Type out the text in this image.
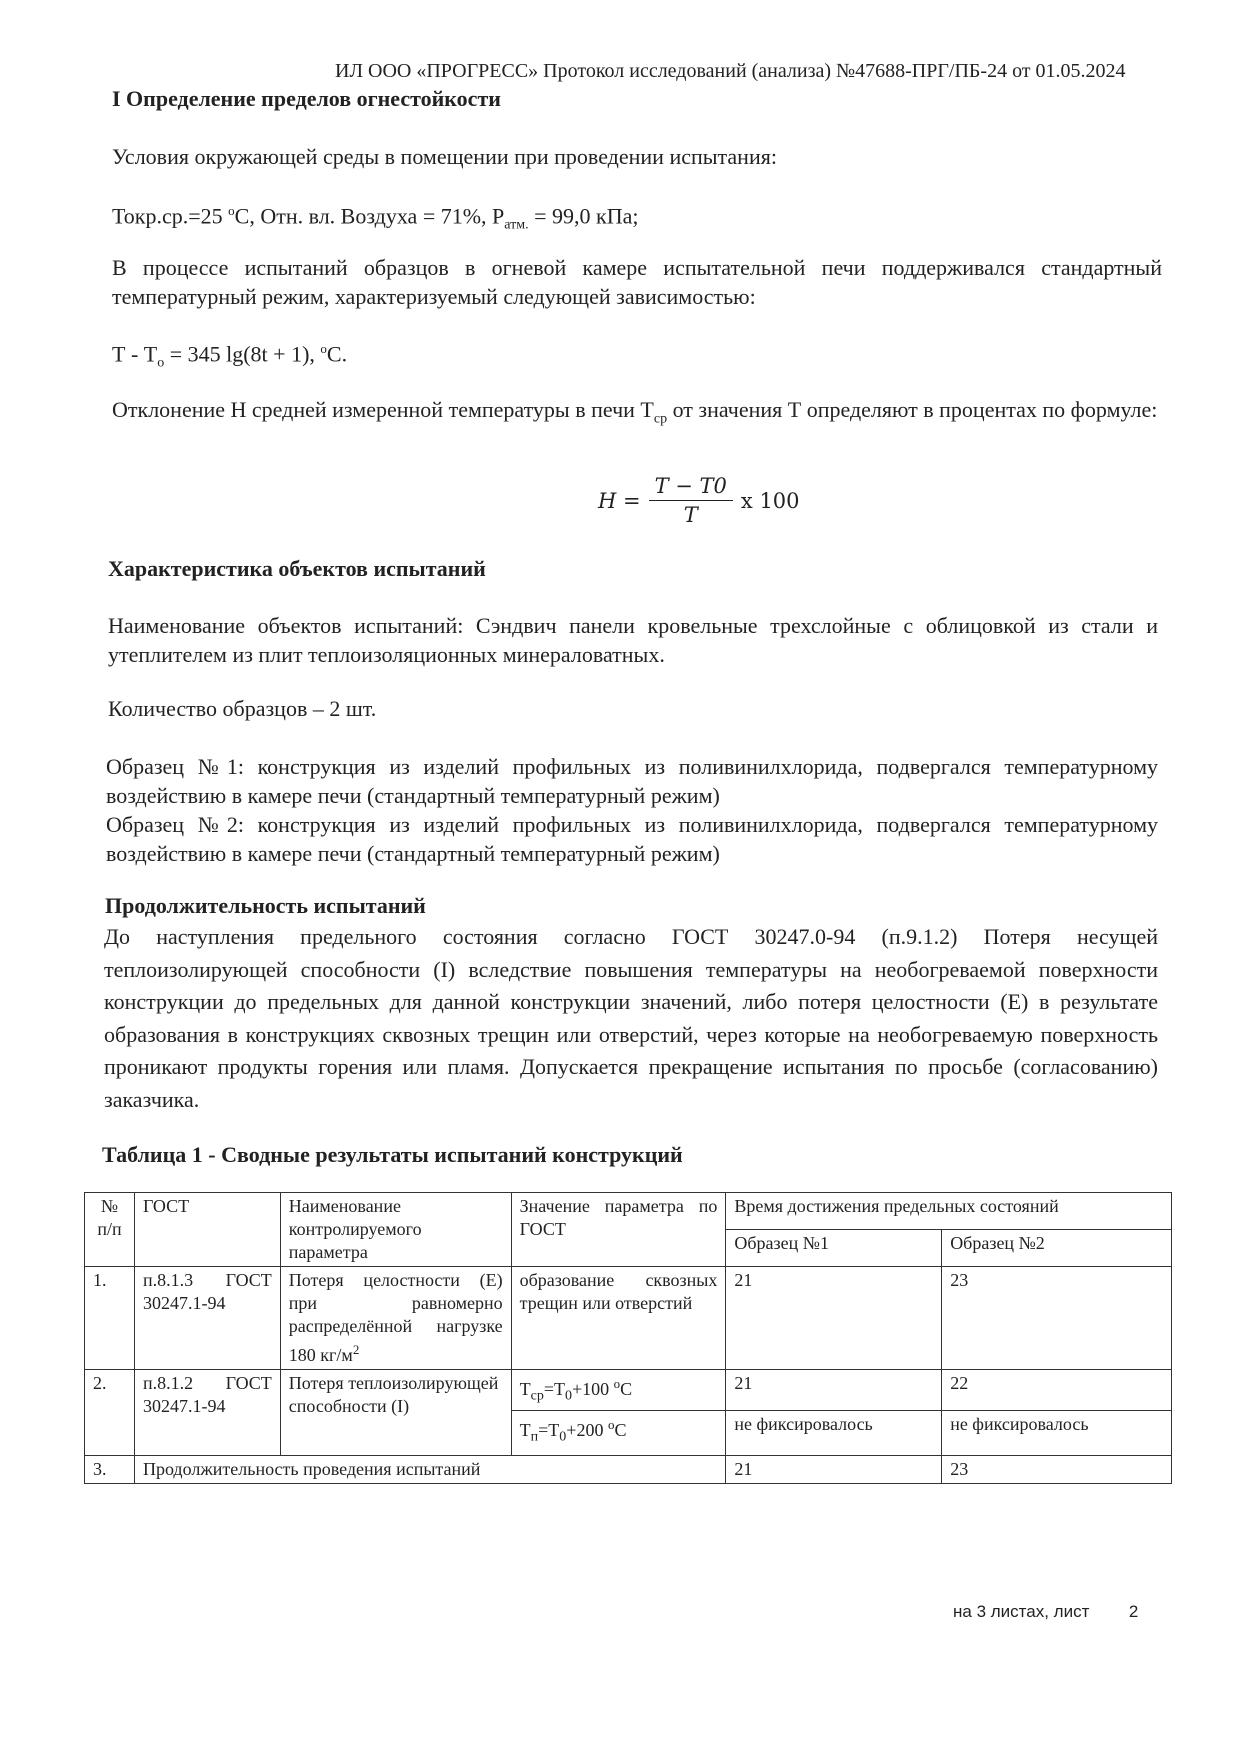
ИЛ ООО «ПРОГРЕСС» Протокол исследований (анализа) №47688-ПРГ/ПБ-24 от 01.05.2024
I Определение пределов огнестойкости
Условия окружающей среды в помещении при проведении испытания:
Токр.ср.=25 $^о$С, Отн. вл. Воздуха = 71%, $Р_{атм.} = 99,0$ кПа;
В процессе испытаний образцов в огневой камере испытательной печи поддерживался стандартный температурный режим, характеризуемый следующей зависимостью:
$Т - Т_о = 345$ lg(8t + 1), $^о$С.
Отклонение Н средней измеренной температуры в печи $Т_{ср}$ от значения Т определяют в процентах по формуле:
$H = \frac{T - T0}{T}$ x 100
Характеристика объектов испытаний
Наименование объектов испытаний: Сэндвич панели кровельные трехслойные с облицовкой из стали и утеплителем из плит теплоизоляционных минераловатных.
Количество образцов – 2 шт.
Образец №1: конструкция из изделий профильных из поливинилхлорида, подвергался температурному воздействию в камере печи (стандартный температурный режим)
Образец №2: конструкция из изделий профильных из поливинилхлорида, подвергался температурному воздействию в камере печи (стандартный температурный режим)
Продолжительность испытаний
До наступления предельного состояния согласно ГОСТ 30247.0-94 (п.9.1.2) Потеря несущей теплоизолирующей способности (I) вследствие повышения температуры на необогреваемой поверхности конструкции до предельных для данной конструкции значений, либо потеря целостности (Е) в результате образования в конструкциях сквозных трещин или отверстий, через которые на необогреваемую поверхность проникают продукты горения или пламя. Допускается прекращение испытания по просьбе (согласованию) заказчика.
Таблица 1 - Сводные результаты испытаний конструкций
№ п/п	ГОСТ	Наименование контролируемого параметра	Значение параметра по ГОСТ	Время достижения предельных состояний	
				Образец №1	Образец №2
1.	п.8.1.3 ГОСТ 30247.1-94	Потеря целостности (Е) при равномерно распределённой нагрузке 180 $кг/м^2$	образование сквозных трещин или отверстий	21	23
2.	п.8.1.2 ГОСТ 30247.1-94	Потеря теплоизолирующей способности (I)	$Т_{ср}=Т_0+100$ $^о$С	21	22
			$Т_п=Т_0+200$ $^о$С	не фиксировалось	не фиксировалось
3.	Продолжительность проведения испытаний			21	23
на 3 листах, лист 2
